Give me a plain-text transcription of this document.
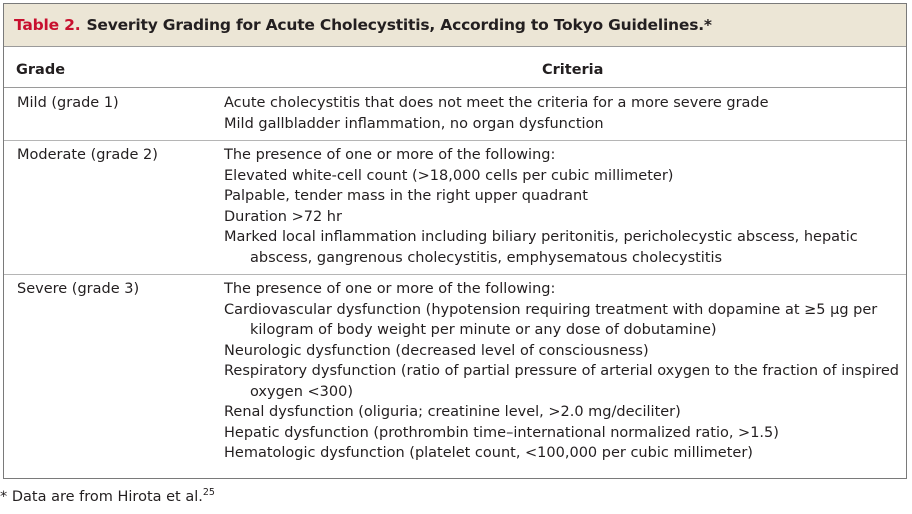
Table 2. Severity Grading for Acute Cholecystitis, According to Tokyo Guidelines.*
Grade	Criteria
Mild (grade 1)	Acute cholecystitis that does not meet the criteria for a more severe grade
Mild gallbladder inflammation, no organ dysfunction
Moderate (grade 2)	The presence of one or more of the following:
Elevated white-cell count (>18,000 cells per cubic millimeter)
Palpable, tender mass in the right upper quadrant
Duration >72 hr
Marked local inflammation including biliary peritonitis, pericholecystic abscess, hepatic
abscess, gangrenous cholecystitis, emphysematous cholecystitis
Severe (grade 3)	The presence of one or more of the following:
Cardiovascular dysfunction (hypotension requiring treatment with dopamine at ≥5 μg per
kilogram of body weight per minute or any dose of dobutamine)
Neurologic dysfunction (decreased level of consciousness)
Respiratory dysfunction (ratio of partial pressure of arterial oxygen to the fraction of inspired
oxygen <300)
Renal dysfunction (oliguria; creatinine level, >2.0 mg/deciliter)
Hepatic dysfunction (prothrombin time–international normalized ratio, >1.5)
Hematologic dysfunction (platelet count, <100,000 per cubic millimeter)
* Data are from Hirota et al.$^{25}$
